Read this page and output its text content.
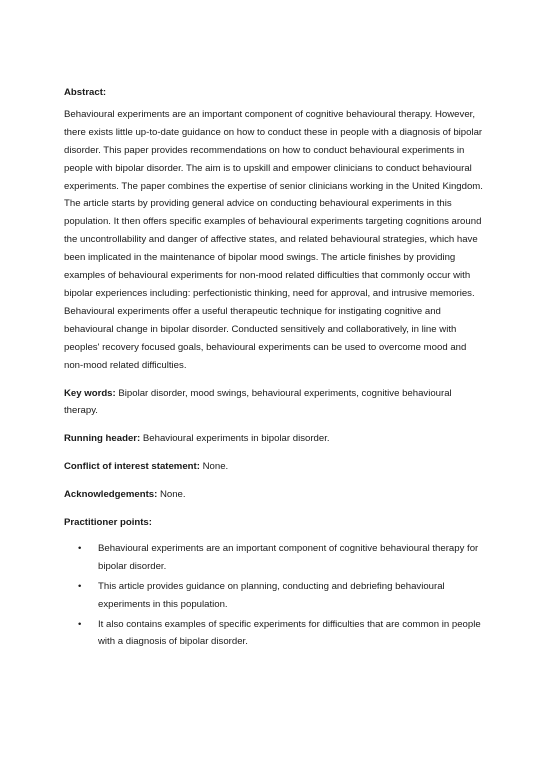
Abstract:

Behavioural experiments are an important component of cognitive behavioural therapy. However, there exists little up-to-date guidance on how to conduct these in people with a diagnosis of bipolar disorder. This paper provides recommendations on how to conduct behavioural experiments in people with bipolar disorder. The aim is to upskill and empower clinicians to conduct behavioural experiments. The paper combines the expertise of senior clinicians working in the United Kingdom. The article starts by providing general advice on conducting behavioural experiments in this population. It then offers specific examples of behavioural experiments targeting cognitions around the uncontrollability and danger of affective states, and related behavioural strategies, which have been implicated in the maintenance of bipolar mood swings. The article finishes by providing examples of behavioural experiments for non-mood related difficulties that commonly occur with bipolar experiences including: perfectionistic thinking, need for approval, and intrusive memories. Behavioural experiments offer a useful therapeutic technique for instigating cognitive and behavioural change in bipolar disorder. Conducted sensitively and collaboratively, in line with peoples' recovery focused goals, behavioural experiments can be used to overcome mood and non-mood related difficulties.

Key words: Bipolar disorder, mood swings, behavioural experiments, cognitive behavioural therapy.

Running header: Behavioural experiments in bipolar disorder.

Conflict of interest statement: None.

Acknowledgements: None.

Practitioner points:
• Behavioural experiments are an important component of cognitive behavioural therapy for bipolar disorder.
• This article provides guidance on planning, conducting and debriefing behavioural experiments in this population.
• It also contains examples of specific experiments for difficulties that are common in people with a diagnosis of bipolar disorder.
